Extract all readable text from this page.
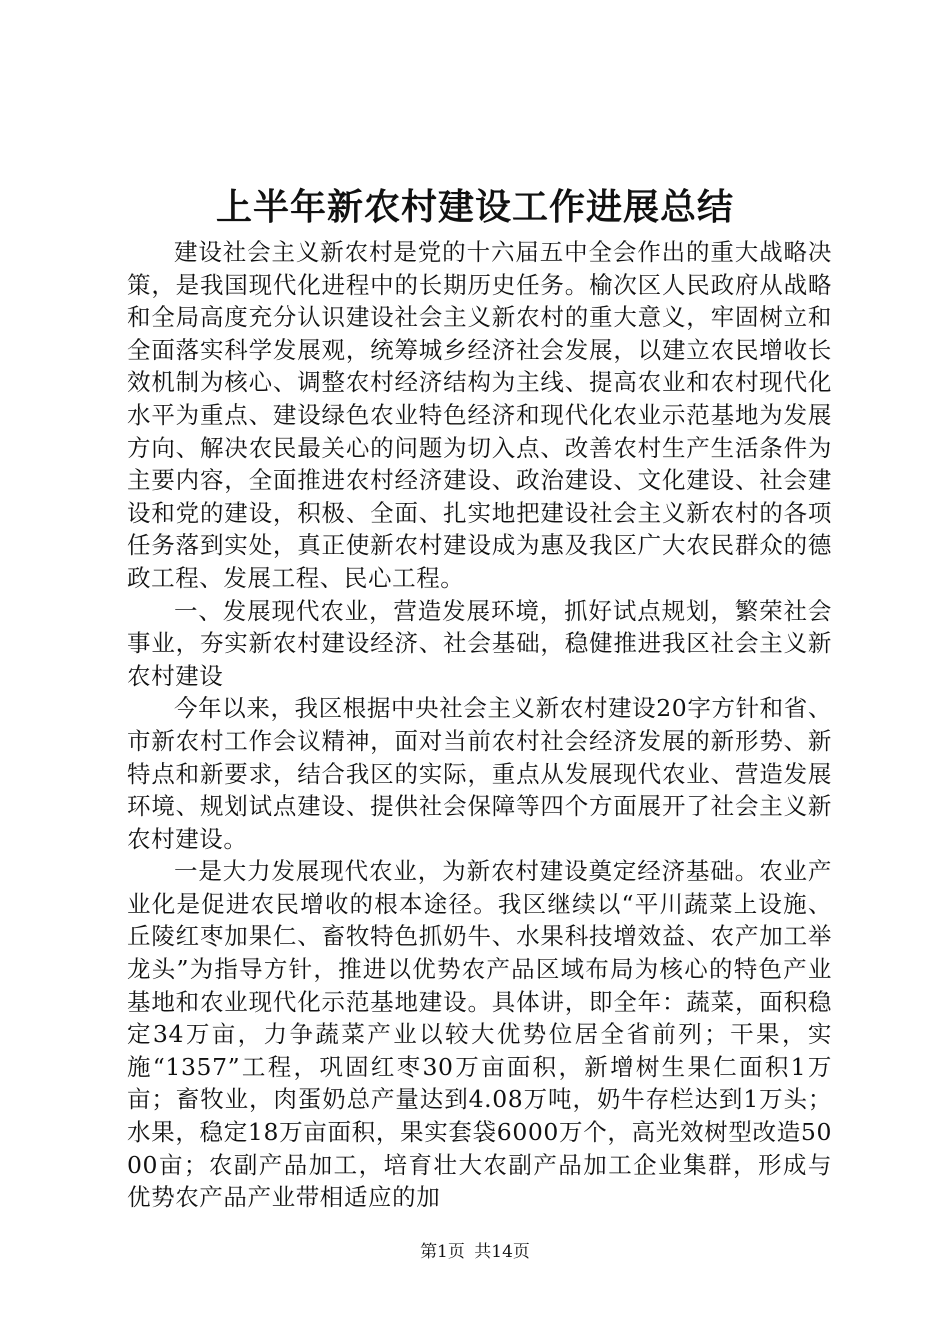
上半年新农村建设工作进展总结

建设社会主义新农村是党的十六届五中全会作出的重大战略决策，是我国现代化进程中的长期历史任务。榆次区人民政府从战略和全局高度充分认识建设社会主义新农村的重大意义，牢固树立和全面落实科学发展观，统筹城乡经济社会发展，以建立农民增收长效机制为核心、调整农村经济结构为主线、提高农业和农村现代化水平为重点、建设绿色农业特色经济和现代化农业示范基地为发展方向、解决农民最关心的问题为切入点、改善农村生产生活条件为主要内容，全面推进农村经济建设、政治建设、文化建设、社会建设和党的建设，积极、全面、扎实地把建设社会主义新农村的各项任务落到实处，真正使新农村建设成为惠及我区广大农民群众的德政工程、发展工程、民心工程。

一、发展现代农业，营造发展环境，抓好试点规划，繁荣社会事业，夯实新农村建设经济、社会基础，稳健推进我区社会主义新农村建设

今年以来，我区根据中央社会主义新农村建设20字方针和省、市新农村工作会议精神，面对当前农村社会经济发展的新形势、新特点和新要求，结合我区的实际，重点从发展现代农业、营造发展环境、规划试点建设、提供社会保障等四个方面展开了社会主义新农村建设。

一是大力发展现代农业，为新农村建设奠定经济基础。农业产业化是促进农民增收的根本途径。我区继续以“平川蔬菜上设施、丘陵红枣加果仁、畜牧特色抓奶牛、水果科技增效益、农产加工举龙头”为指导方针，推进以优势农产品区域布局为核心的特色产业基地和农业现代化示范基地建设。具体讲，即全年：蔬菜，面积稳定34万亩，力争蔬菜产业以较大优势位居全省前列；干果，实施“1357”工程，巩固红枣30万亩面积，新增树生果仁面积1万亩；畜牧业，肉蛋奶总产量达到4.08万吨，奶牛存栏达到1万头；水果，稳定18万亩面积，果实套袋6000万个，高光效树型改造5000亩；农副产品加工，培育壮大农副产品加工企业集群，形成与优势农产品产业带相适应的加

第1页 共14页
